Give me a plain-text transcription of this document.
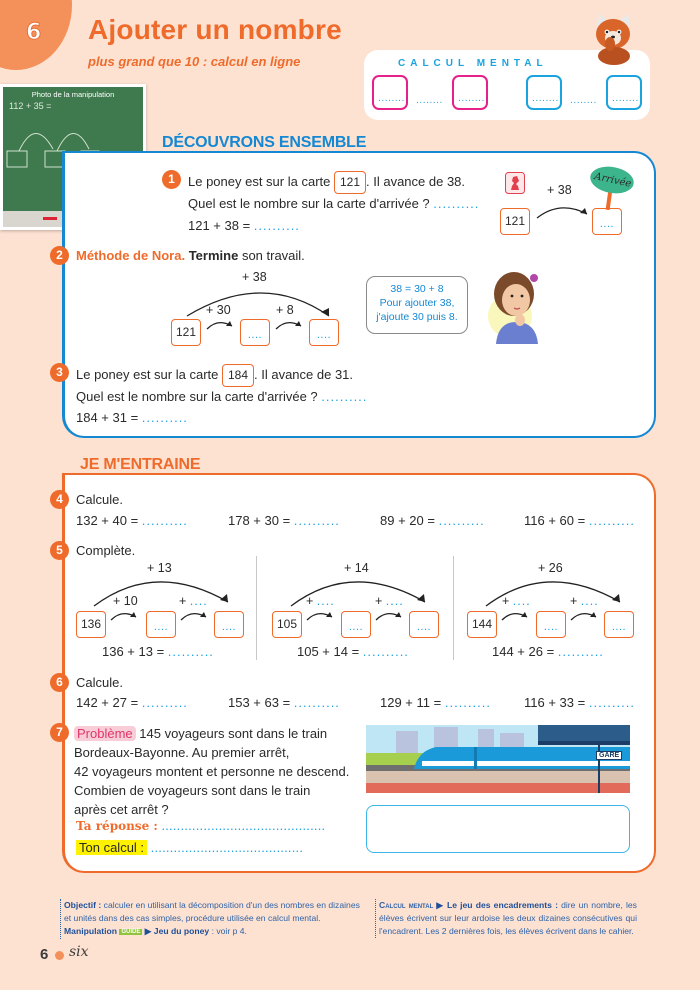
6 Ajouter un nombre
plus grand que 10 : calcul en ligne	CALCUL MENTAL
........ ........ ........	........ ........ ........
Photo de la manipulation
112 + 35 =
DÉCOUVRONS ENSEMBLE
1	Le poney est sur la carte 121 . Il avance de 38.
Quel est le nombre sur la carte d'arrivée ? ..........
121 + 38 = ..........	121
+ 38
....
Arrivée
2	Méthode de Nora. Termine son travail.
+ 38
+ 30	+ 8
121	....	....
38 = 30 + 8
Pour ajouter 38,
j'ajoute 30 puis 8.
3	Le poney est sur la carte 184 . Il avance de 31.
Quel est le nombre sur la carte d'arrivée ? ..........
184 + 31 = ..........
JE M'ENTRAINE
4	Calcule.
132 + 40 = ..........	178 + 30 = ..........	89 + 20 = ..........	116 + 60 = ..........
5	Complète.
+ 13
+ 10	+ ....
136	....	....
136 + 13 = ..........
+ 14
+ ....	+ ....
105	....	....
105 + 14 = ..........
+ 26
+ ....	+ ....
144	....	....
144 + 26 = ..........
6	Calcule.
142 + 27 = ..........	153 + 63 = ..........	129 + 11 = ..........	116 + 33 = ..........
7	Problème 145 voyageurs sont dans le train
Bordeaux-Bayonne. Au premier arrêt,
42 voyageurs montent et personne ne descend.
Combien de voyageurs sont dans le train
après cet arrêt ?
Ta réponse : ...........................................
Ton calcul : ........................................
GARE
Objectif : calculer en utilisant la décomposition d'un des nombres en dizaines et unités dans des cas simples, procédure utilisée en calcul mental.
Manipulation GUIDE ▶ Jeu du poney : voir p 4.
Calcul mental ▶ Le jeu des encadrements : dire un nombre, les élèves écrivent sur leur ardoise les deux dizaines consécutives qui l'encadrent. Les 2 dernières fois, les élèves écrivent dans le cahier.
6 six
